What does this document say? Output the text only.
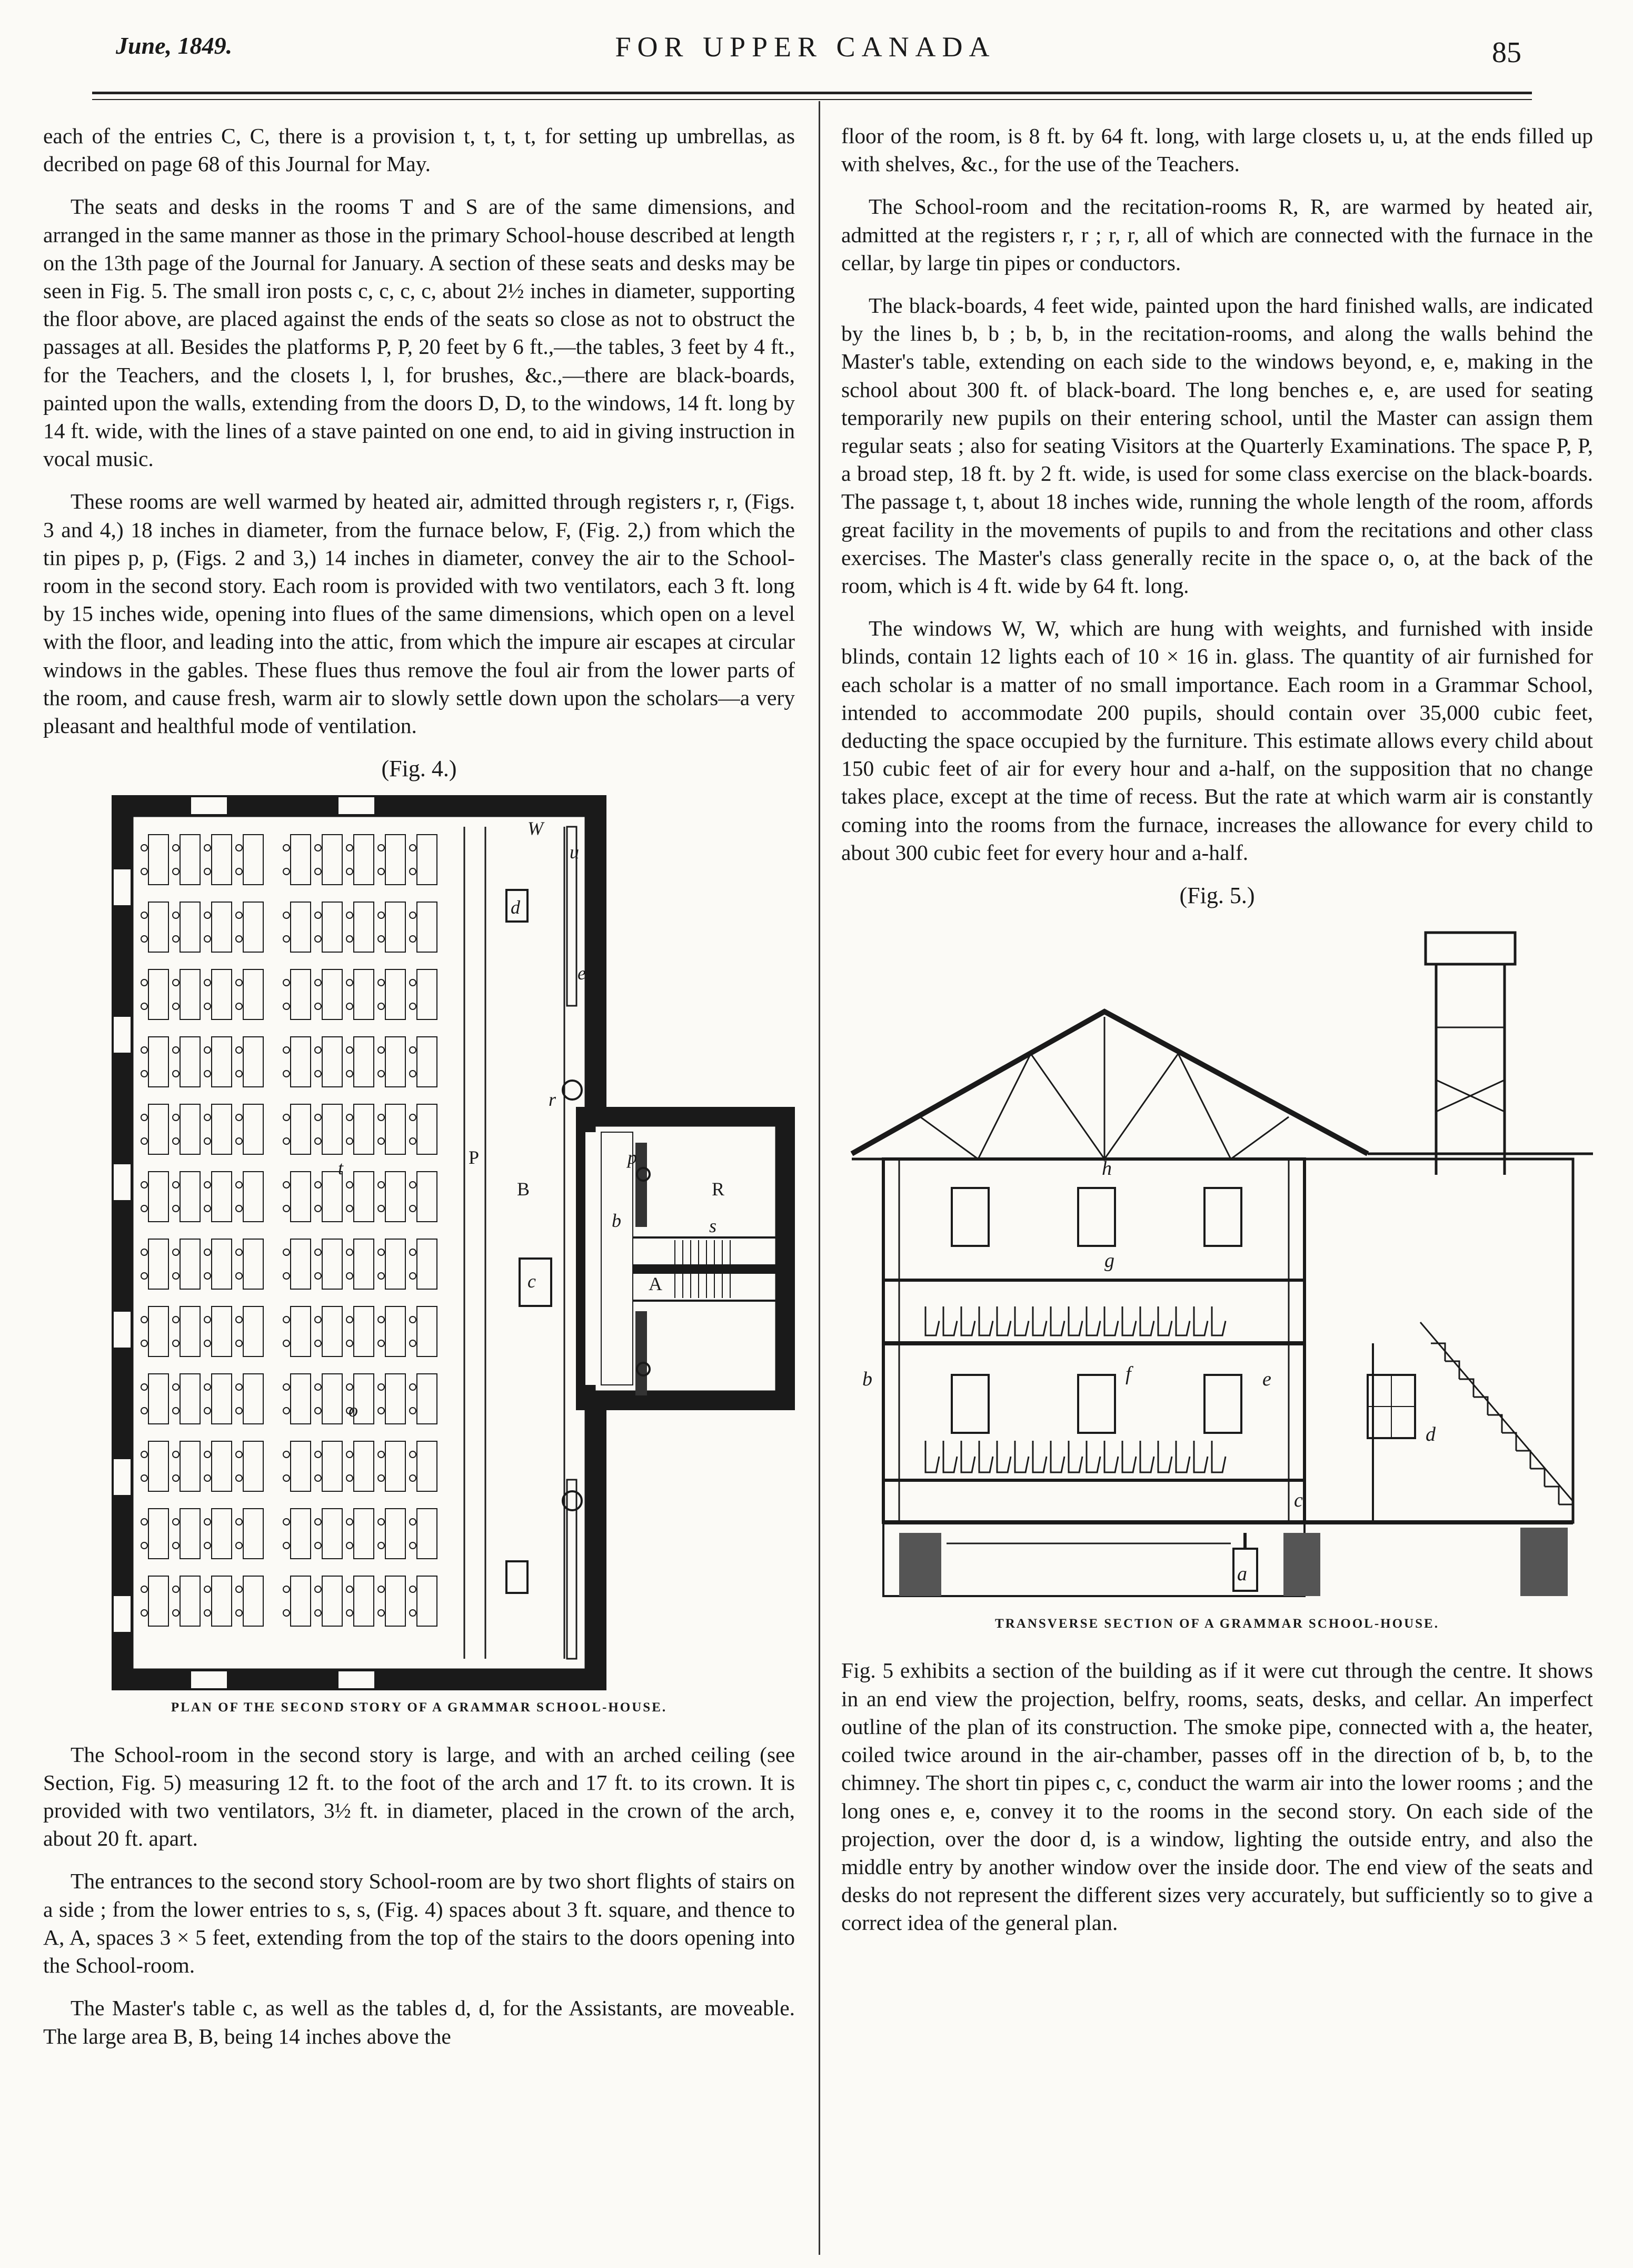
June, 1849.	FOR UPPER CANADA	85

each of the entries C, C, there is a provision t, t, t, t, for setting up umbrellas, as decribed on page 68 of this Journal for May.

The seats and desks in the rooms T and S are of the same dimensions, and arranged in the same manner as those in the primary School-house described at length on the 13th page of the Journal for January. A section of these seats and desks may be seen in Fig. 5. The small iron posts c, c, c, c, about 2½ inches in diameter, supporting the floor above, are placed against the ends of the seats so close as not to obstruct the passages at all. Besides the platforms P, P, 20 feet by 6 ft.,—the tables, 3 feet by 4 ft., for the Teachers, and the closets l, l, for brushes, &c.,—there are black-boards, painted upon the walls, extending from the doors D, D, to the windows, 14 ft. long by 14 ft. wide, with the lines of a stave painted on one end, to aid in giving instruction in vocal music.

These rooms are well warmed by heated air, admitted through registers r, r, (Figs. 3 and 4,) 18 inches in diameter, from the furnace below, F, (Fig. 2,) from which the tin pipes p, p, (Figs. 2 and 3,) 14 inches in diameter, convey the air to the School-room in the second story. Each room is provided with two ventilators, each 3 ft. long by 15 inches wide, opening into flues of the same dimensions, which open on a level with the floor, and leading into the attic, from which the impure air escapes at circular windows in the gables. These flues thus remove the foul air from the lower parts of the room, and cause fresh, warm air to slowly settle down upon the scholars—a very pleasant and healthful mode of ventilation.

(Fig. 4.)
W
u
d
e
r
s
b
t	P
B	R
A
c
o
p
PLAN OF THE SECOND STORY OF A GRAMMAR SCHOOL-HOUSE.

The School-room in the second story is large, and with an arched ceiling (see Section, Fig. 5) measuring 12 ft. to the foot of the arch and 17 ft. to its crown. It is provided with two ventilators, 3½ ft. in diameter, placed in the crown of the arch, about 20 ft. apart.

The entrances to the second story School-room are by two short flights of stairs on a side ; from the lower entries to s, s, (Fig. 4) spaces about 3 ft. square, and thence to A, A, spaces 3 × 5 feet, extending from the top of the stairs to the doors opening into the School-room.

The Master's table c, as well as the tables d, d, for the Assistants, are moveable. The large area B, B, being 14 inches above the

floor of the room, is 8 ft. by 64 ft. long, with large closets u, u, at the ends filled up with shelves, &c., for the use of the Teachers.

The School-room and the recitation-rooms R, R, are warmed by heated air, admitted at the registers r, r ; r, r, all of which are connected with the furnace in the cellar, by large tin pipes or conductors.

The black-boards, 4 feet wide, painted upon the hard finished walls, are indicated by the lines b, b ; b, b, in the recitation-rooms, and along the walls behind the Master's table, extending on each side to the windows beyond, e, e, making in the school about 300 ft. of black-board. The long benches e, e, are used for seating temporarily new pupils on their entering school, until the Master can assign them regular seats ; also for seating Visitors at the Quarterly Examinations. The space P, P, a broad step, 18 ft. by 2 ft. wide, is used for some class exercise on the black-boards. The passage t, t, about 18 inches wide, running the whole length of the room, affords great facility in the movements of pupils to and from the recitations and other class exercises. The Master's class generally recite in the space o, o, at the back of the room, which is 4 ft. wide by 64 ft. long.

The windows W, W, which are hung with weights, and furnished with inside blinds, contain 12 lights each of 10 × 16 in. glass. The quantity of air furnished for each scholar is a matter of no small importance. Each room in a Grammar School, intended to accommodate 200 pupils, should contain over 35,000 cubic feet, deducting the space occupied by the furniture. This estimate allows every child about 150 cubic feet of air for every hour and a-half, on the supposition that no change takes place, except at the time of recess. But the rate at which warm air is constantly coming into the rooms from the furnace, increases the allowance for every child to about 300 cubic feet for every hour and a-half.

(Fig. 5.)
h
g
f	e
d
b
a
c
TRANSVERSE SECTION OF A GRAMMAR SCHOOL-HOUSE.

Fig. 5 exhibits a section of the building as if it were cut through the centre. It shows in an end view the projection, belfry, rooms, seats, desks, and cellar. An imperfect outline of the plan of its construction. The smoke pipe, connected with a, the heater, coiled twice around in the air-chamber, passes off in the direction of b, b, to the chimney. The short tin pipes c, c, conduct the warm air into the lower rooms ; and the long ones e, e, convey it to the rooms in the second story. On each side of the projection, over the door d, is a window, lighting the outside entry, and also the middle entry by another window over the inside door. The end view of the seats and desks do not represent the different sizes very accurately, but sufficiently so to give a correct idea of the general plan.
